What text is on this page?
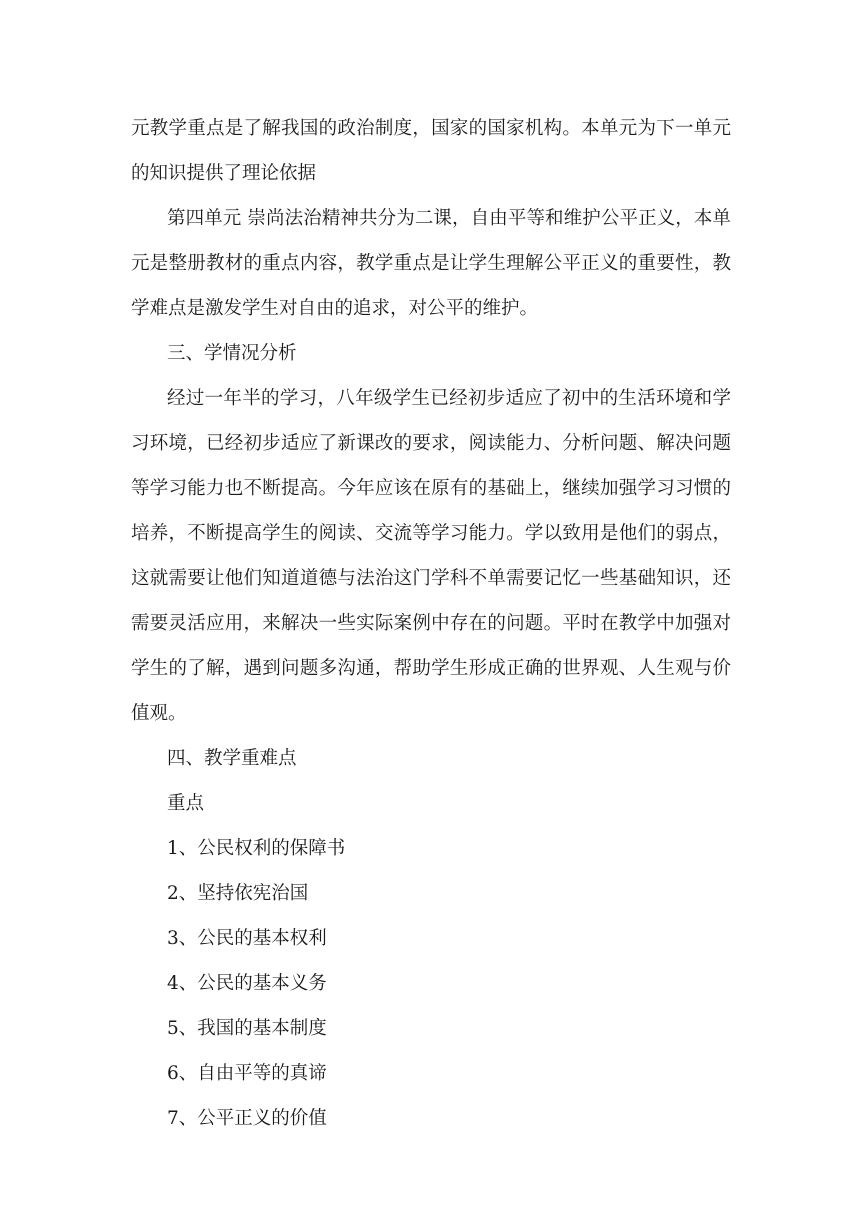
元教学重点是了解我国的政治制度，国家的国家机构。本单元为下一单元的知识提供了理论依据

第四单元 崇尚法治精神共分为二课，自由平等和维护公平正义，本单元是整册教材的重点内容，教学重点是让学生理解公平正义的重要性，教学难点是激发学生对自由的追求，对公平的维护。

三、学情况分析

经过一年半的学习，八年级学生已经初步适应了初中的生活环境和学习环境，已经初步适应了新课改的要求，阅读能力、分析问题、解决问题等学习能力也不断提高。今年应该在原有的基础上，继续加强学习习惯的培养，不断提高学生的阅读、交流等学习能力。学以致用是他们的弱点，这就需要让他们知道道德与法治这门学科不单需要记忆一些基础知识，还需要灵活应用，来解决一些实际案例中存在的问题。平时在教学中加强对学生的了解，遇到问题多沟通，帮助学生形成正确的世界观、人生观与价值观。

四、教学重难点

重点

1、公民权利的保障书
2、坚持依宪治国
3、公民的基本权利
4、公民的基本义务
5、我国的基本制度
6、自由平等的真谛
7、公平正义的价值
